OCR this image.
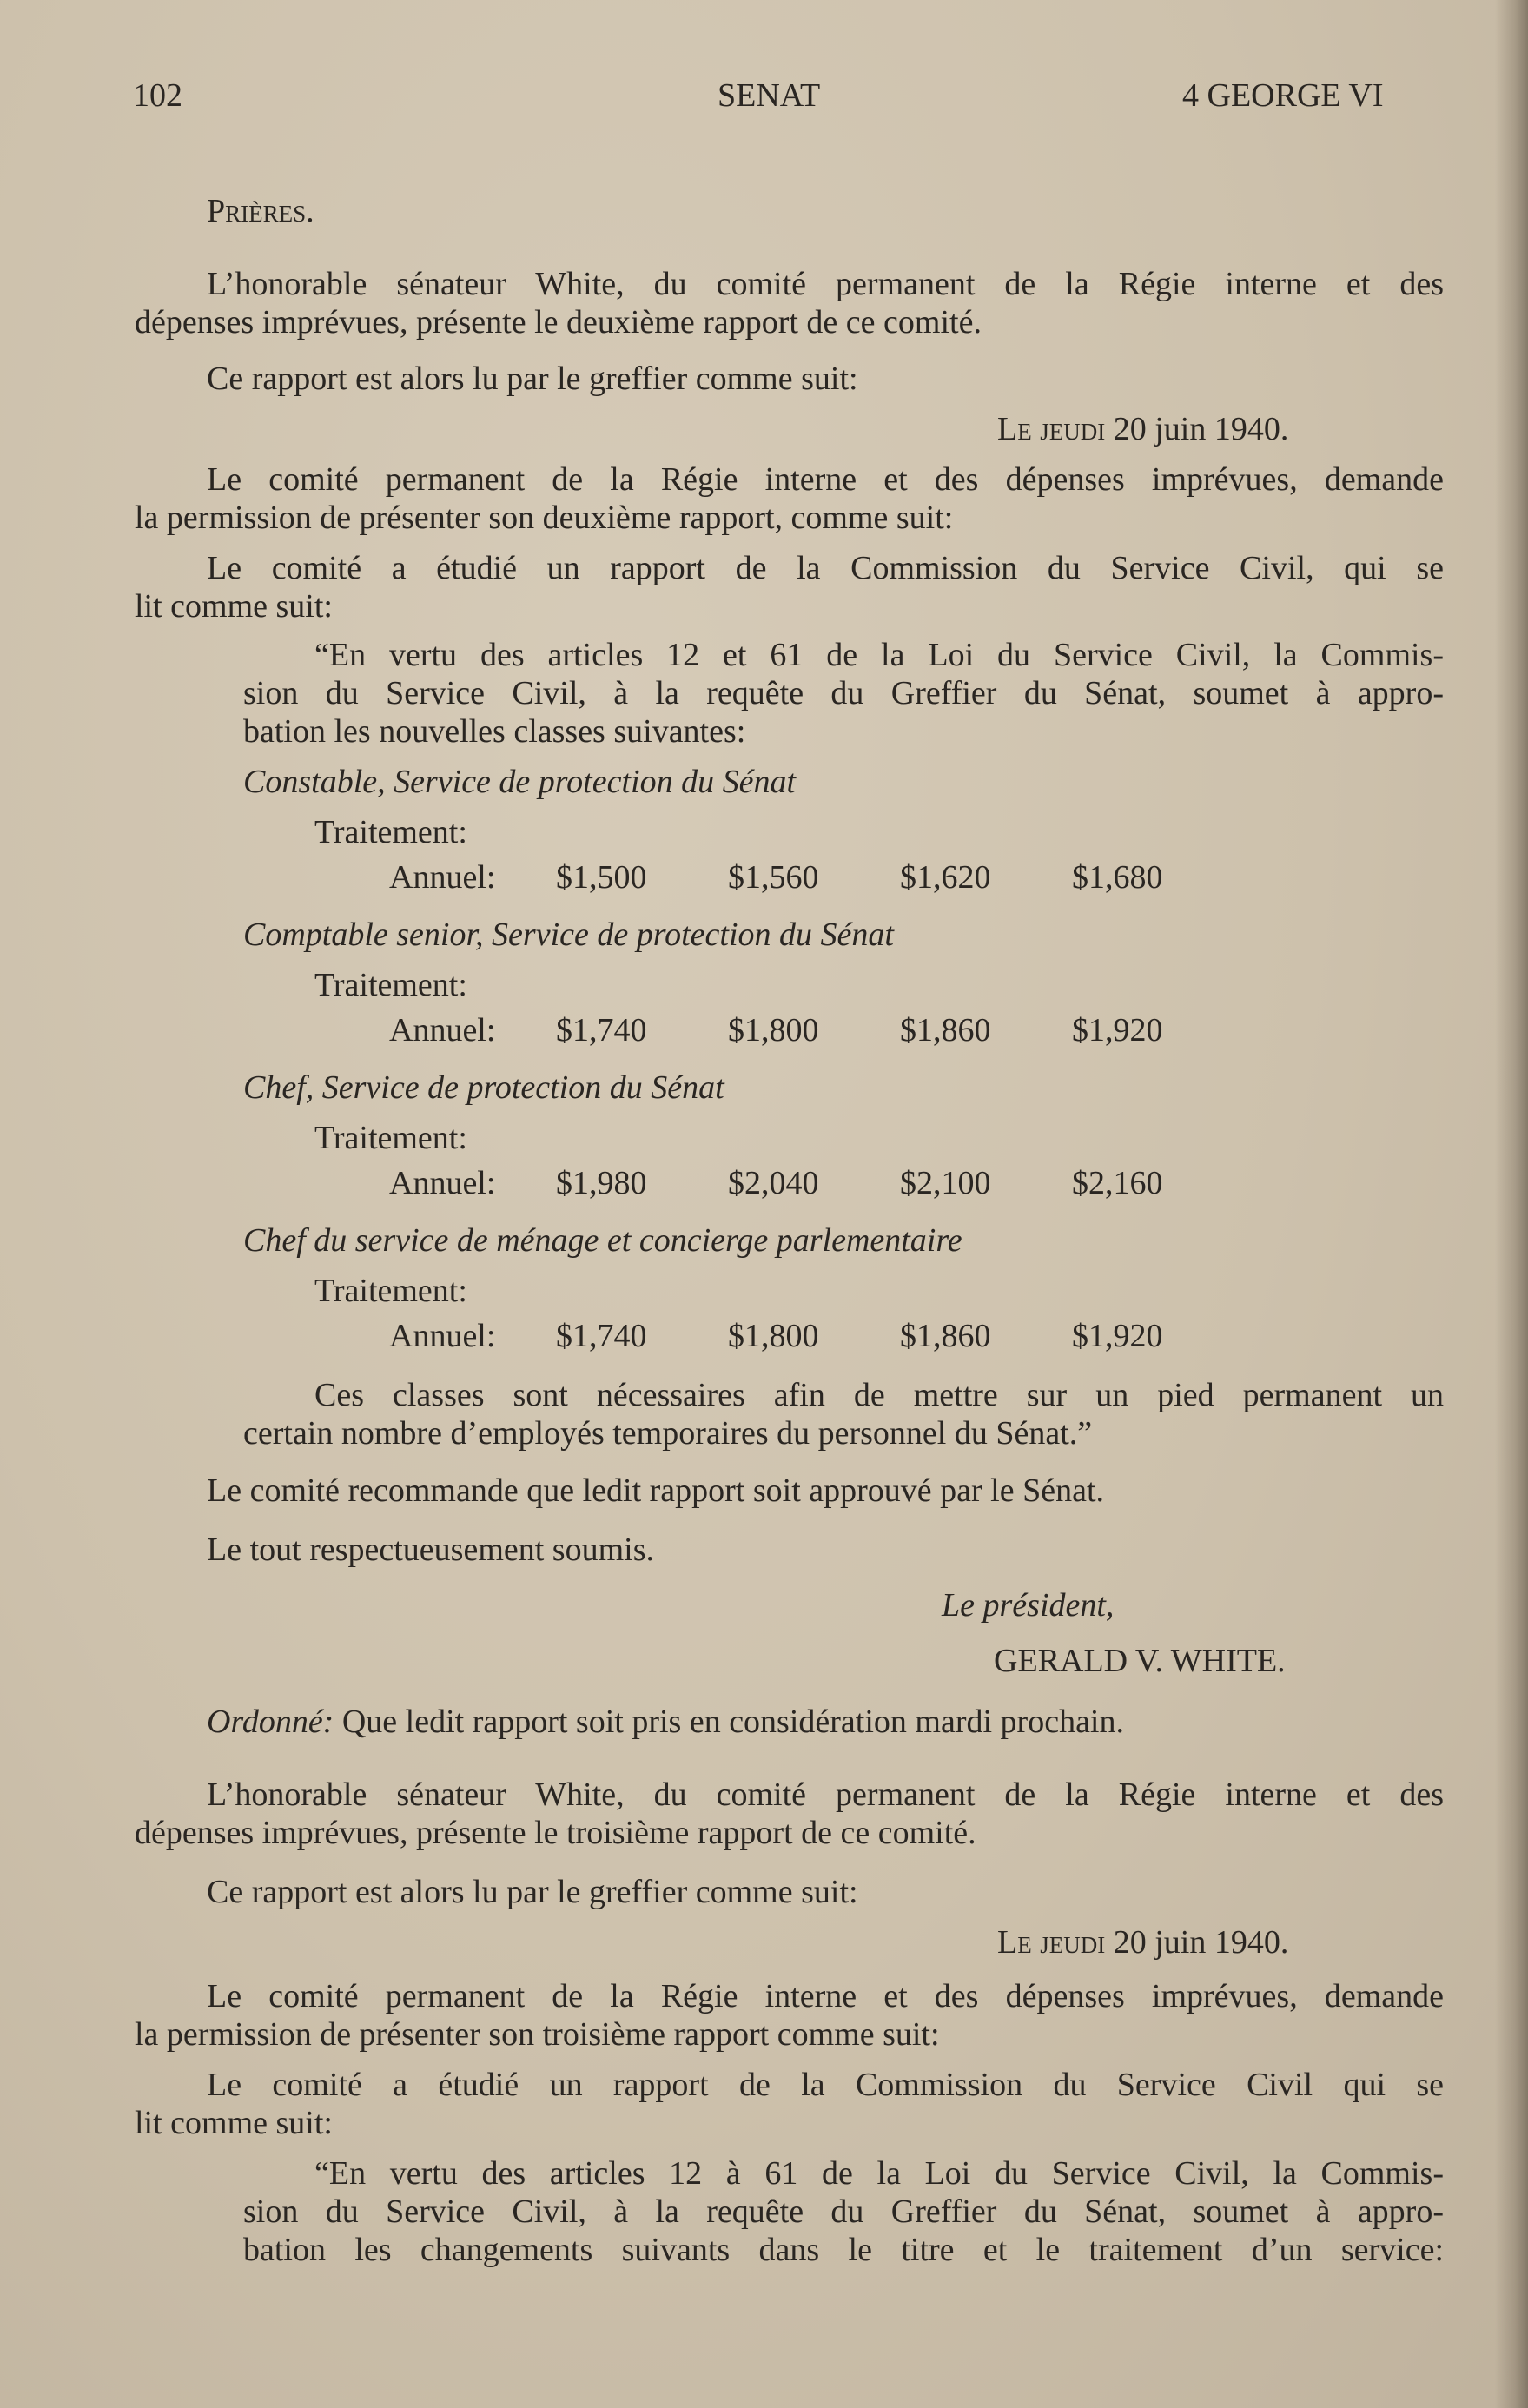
102	SENAT	4 GEORGE VI
Prières.
L’honorable sénateur White, du comité permanent de la Régie interne et des
dépenses imprévues, présente le deuxième rapport de ce comité.
Ce rapport est alors lu par le greffier comme suit:
Le jeudi 20 juin 1940.
Le comité permanent de la Régie interne et des dépenses imprévues, demande
la permission de présenter son deuxième rapport, comme suit:
Le comité a étudié un rapport de la Commission du Service Civil, qui se
lit comme suit:
“En vertu des articles 12 et 61 de la Loi du Service Civil, la Commis-
sion du Service Civil, à la requête du Greffier du Sénat, soumet à appro-
bation les nouvelles classes suivantes:
Constable, Service de protection du Sénat
Traitement:
Annuel: $1,500 $1,560 $1,620 $1,680
Comptable senior, Service de protection du Sénat
Traitement:
Annuel: $1,740 $1,800 $1,860 $1,920
Chef, Service de protection du Sénat
Traitement:
Annuel: $1,980 $2,040 $2,100 $2,160
Chef du service de ménage et concierge parlementaire
Traitement:
Annuel: $1,740 $1,800 $1,860 $1,920
Ces classes sont nécessaires afin de mettre sur un pied permanent un
certain nombre d’employés temporaires du personnel du Sénat.”
Le comité recommande que ledit rapport soit approuvé par le Sénat.
Le tout respectueusement soumis.
Le président,
GERALD V. WHITE.
Ordonné: Que ledit rapport soit pris en considération mardi prochain.
L’honorable sénateur White, du comité permanent de la Régie interne et des
dépenses imprévues, présente le troisième rapport de ce comité.
Ce rapport est alors lu par le greffier comme suit:
Le jeudi 20 juin 1940.
Le comité permanent de la Régie interne et des dépenses imprévues, demande
la permission de présenter son troisième rapport comme suit:
Le comité a étudié un rapport de la Commission du Service Civil qui se
lit comme suit:
“En vertu des articles 12 à 61 de la Loi du Service Civil, la Commis-
sion du Service Civil, à la requête du Greffier du Sénat, soumet à appro-
bation les changements suivants dans le titre et le traitement d’un service:
